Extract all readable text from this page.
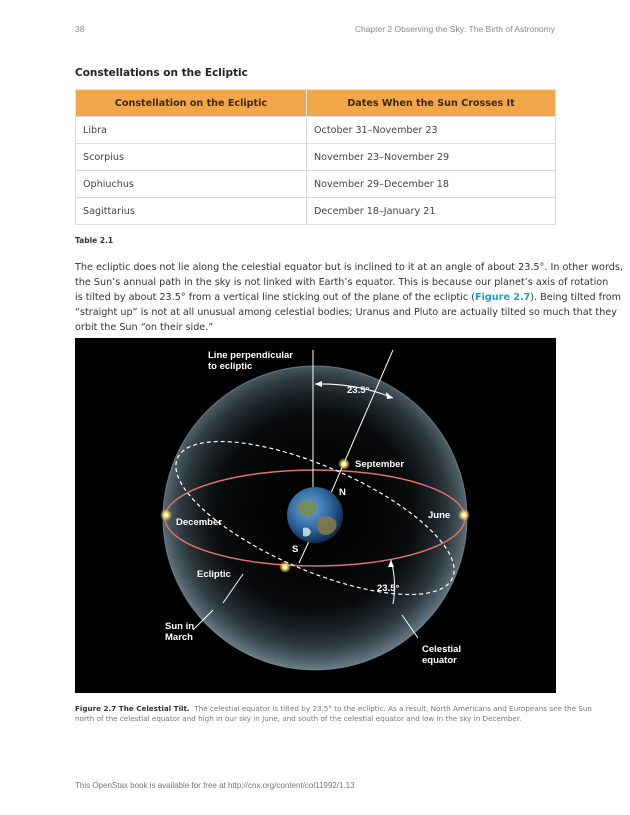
38	Chapter 2 Observing the Sky: The Birth of Astronomy
Constellations on the Ecliptic
Constellation on the Ecliptic	Dates When the Sun Crosses It
Libra	October 31–November 23
Scorpius	November 23–November 29
Ophiuchus	November 29–December 18
Sagittarius	December 18–January 21
Table 2.1
The ecliptic does not lie along the celestial equator but is inclined to it at an angle of about 23.5°. In other words,
the Sun’s annual path in the sky is not linked with Earth’s equator. This is because our planet’s axis of rotation
is tilted by about 23.5° from a vertical line sticking out of the plane of the ecliptic (Figure 2.7). Being tilted from
“straight up” is not at all unusual among celestial bodies; Uranus and Pluto are actually tilted so much that they
orbit the Sun “on their side.”
Line perpendicular
to ecliptic
23.5°
September
N
June
December
S
Ecliptic
23.5°
Sun in
March
Celestial
equator
Figure 2.7 The Celestial Tilt. The celestial equator is tilted by 23.5° to the ecliptic. As a result, North Americans and Europeans see the Sun
north of the celestial equator and high in our sky in June, and south of the celestial equator and low in the sky in December.
This OpenStax book is available for free at http://cnx.org/content/col11992/1.13
